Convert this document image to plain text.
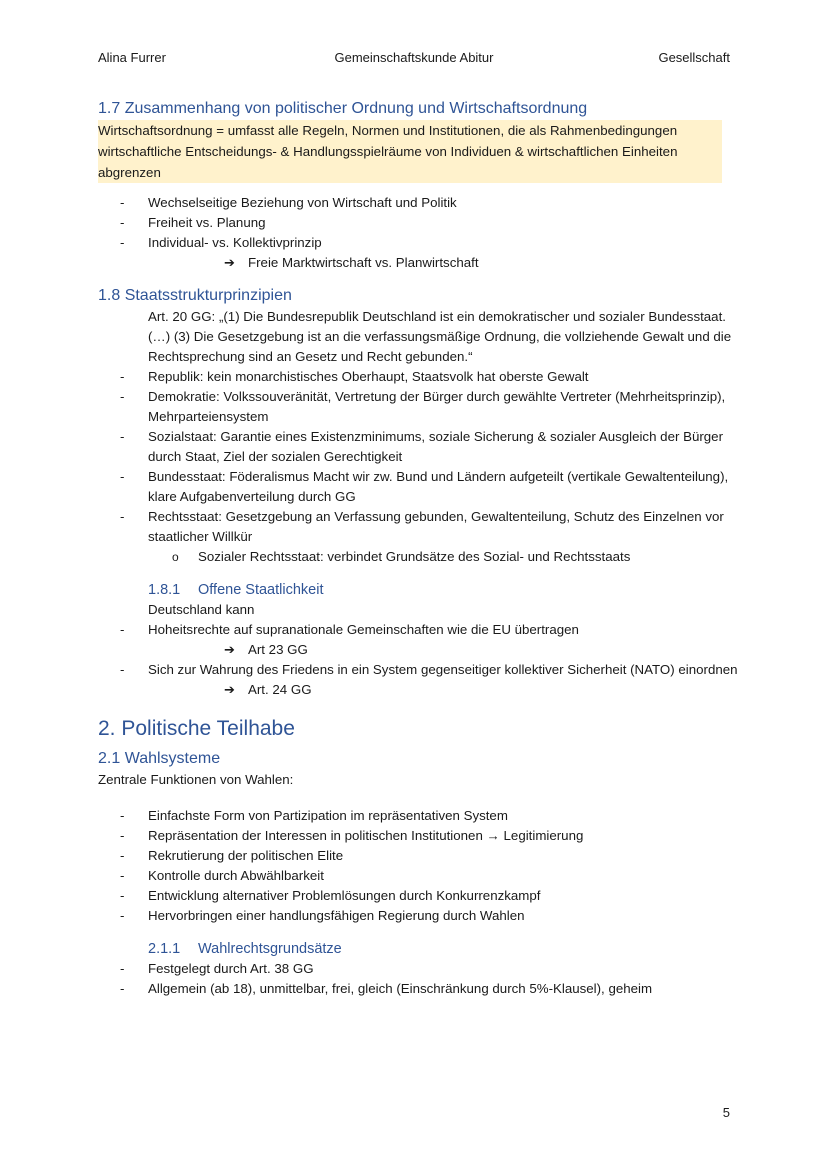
Alina Furrer	Gemeinschaftskunde Abitur	Gesellschaft
1.7 Zusammenhang von politischer Ordnung und Wirtschaftsordnung
Wirtschaftsordnung = umfasst alle Regeln, Normen und Institutionen, die als Rahmenbedingungen wirtschaftliche Entscheidungs- & Handlungsspielräume von Individuen & wirtschaftlichen Einheiten abgrenzen
- Wechselseitige Beziehung von Wirtschaft und Politik
- Freiheit vs. Planung
- Individual- vs. Kollektivprinzip
➔ Freie Marktwirtschaft vs. Planwirtschaft
1.8 Staatsstrukturprinzipien
Art. 20 GG: „(1) Die Bundesrepublik Deutschland ist ein demokratischer und sozialer Bundesstaat. (…) (3) Die Gesetzgebung ist an die verfassungsmäßige Ordnung, die vollziehende Gewalt und die Rechtsprechung sind an Gesetz und Recht gebunden.“
- Republik: kein monarchistisches Oberhaupt, Staatsvolk hat oberste Gewalt
- Demokratie: Volkssouveränität, Vertretung der Bürger durch gewählte Vertreter (Mehrheitsprinzip), Mehrparteiensystem
- Sozialstaat: Garantie eines Existenzminimums, soziale Sicherung & sozialer Ausgleich der Bürger durch Staat, Ziel der sozialen Gerechtigkeit
- Bundesstaat: Föderalismus Macht wir zw. Bund und Ländern aufgeteilt (vertikale Gewaltenteilung), klare Aufgabenverteilung durch GG
- Rechtsstaat: Gesetzgebung an Verfassung gebunden, Gewaltenteilung, Schutz des Einzelnen vor staatlicher Willkür
o Sozialer Rechtsstaat: verbindet Grundsätze des Sozial- und Rechtsstaats
1.8.1 Offene Staatlichkeit
Deutschland kann
- Hoheitsrechte auf supranationale Gemeinschaften wie die EU übertragen
➔ Art 23 GG
- Sich zur Wahrung des Friedens in ein System gegenseitiger kollektiver Sicherheit (NATO) einordnen
➔ Art. 24 GG
2. Politische Teilhabe
2.1 Wahlsysteme
Zentrale Funktionen von Wahlen:
- Einfachste Form von Partizipation im repräsentativen System
- Repräsentation der Interessen in politischen Institutionen → Legitimierung
- Rekrutierung der politischen Elite
- Kontrolle durch Abwählbarkeit
- Entwicklung alternativer Problemlösungen durch Konkurrenzkampf
- Hervorbringen einer handlungsfähigen Regierung durch Wahlen
2.1.1 Wahlrechtsgrundsätze
- Festgelegt durch Art. 38 GG
- Allgemein (ab 18), unmittelbar, frei, gleich (Einschränkung durch 5%-Klausel), geheim
5
